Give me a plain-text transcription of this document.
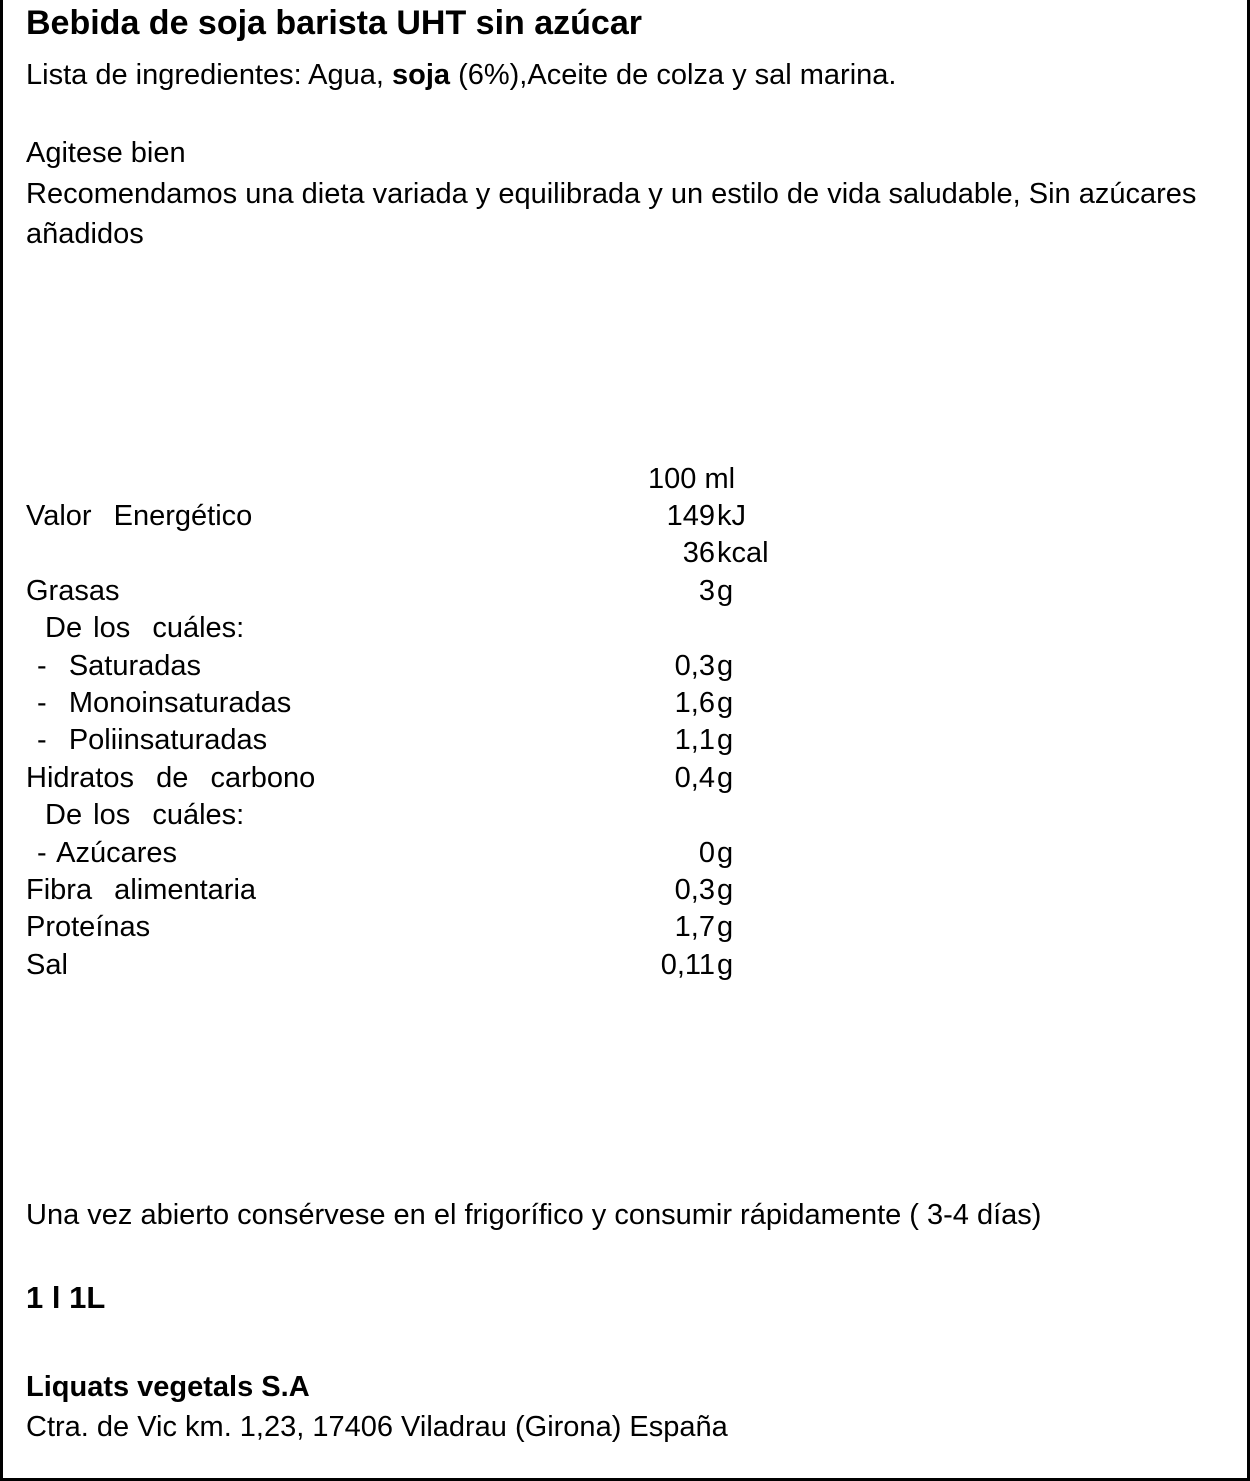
Bebida de soja barista UHT sin azúcar
Lista de ingredientes: Agua, soja (6%),Aceite de colza y sal marina.
Agitese bien
Recomendamos una dieta variada y equilibrada y un estilo de vida saludable, Sin azúcares añadidos
100 ml
Valor  Energético	149 kJ
36 kcal
Grasas	3 g
De los  cuáles:
-  Saturadas	0,3 g
-  Monoinsaturadas	1,6 g
-  Poliinsaturadas	1,1 g
Hidratos  de  carbono	0,4 g
De los  cuáles:
- Azúcares	0 g
Fibra  alimentaria	0,3 g
Proteínas	1,7 g
Sal	0,11 g
Una vez abierto consérvese en el frigorífico y consumir rápidamente ( 3-4 días)
1 l 1L
Liquats vegetals S.A
Ctra. de Vic km. 1,23, 17406 Viladrau (Girona) España
